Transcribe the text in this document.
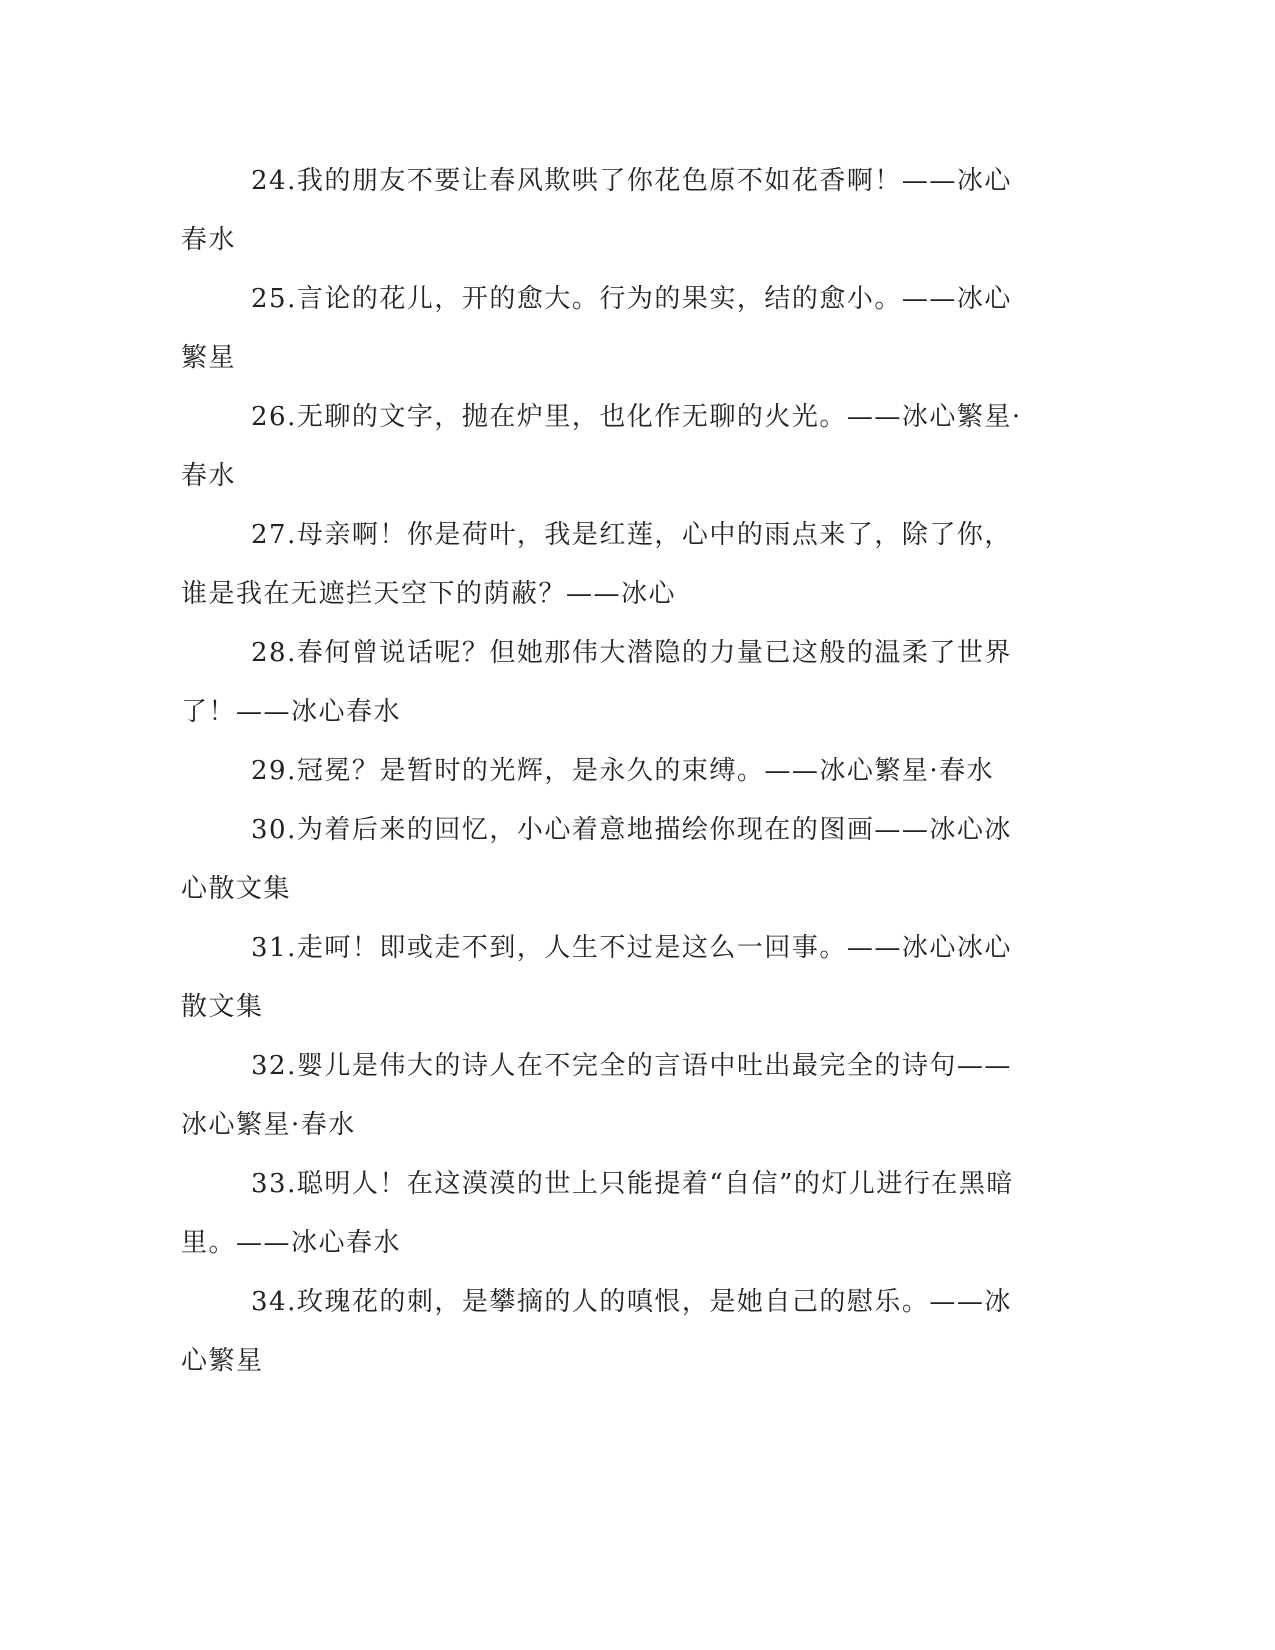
24.我的朋友不要让春风欺哄了你花色原不如花香啊！——冰心春水

25.言论的花儿，开的愈大。行为的果实，结的愈小。——冰心繁星

26.无聊的文字，抛在炉里，也化作无聊的火光。——冰心繁星·春水

27.母亲啊！你是荷叶，我是红莲，心中的雨点来了，除了你，谁是我在无遮拦天空下的荫蔽？——冰心

28.春何曾说话呢？但她那伟大潜隐的力量已这般的温柔了世界了！——冰心春水

29.冠冕？是暂时的光辉，是永久的束缚。——冰心繁星·春水

30.为着后来的回忆，小心着意地描绘你现在的图画——冰心冰心散文集

31.走呵！即或走不到，人生不过是这么一回事。——冰心冰心散文集

32.婴儿是伟大的诗人在不完全的言语中吐出最完全的诗句——冰心繁星·春水

33.聪明人！在这漠漠的世上只能提着“自信”的灯儿进行在黑暗里。——冰心春水

34.玫瑰花的刺，是攀摘的人的嗔恨，是她自己的慰乐。——冰心繁星
